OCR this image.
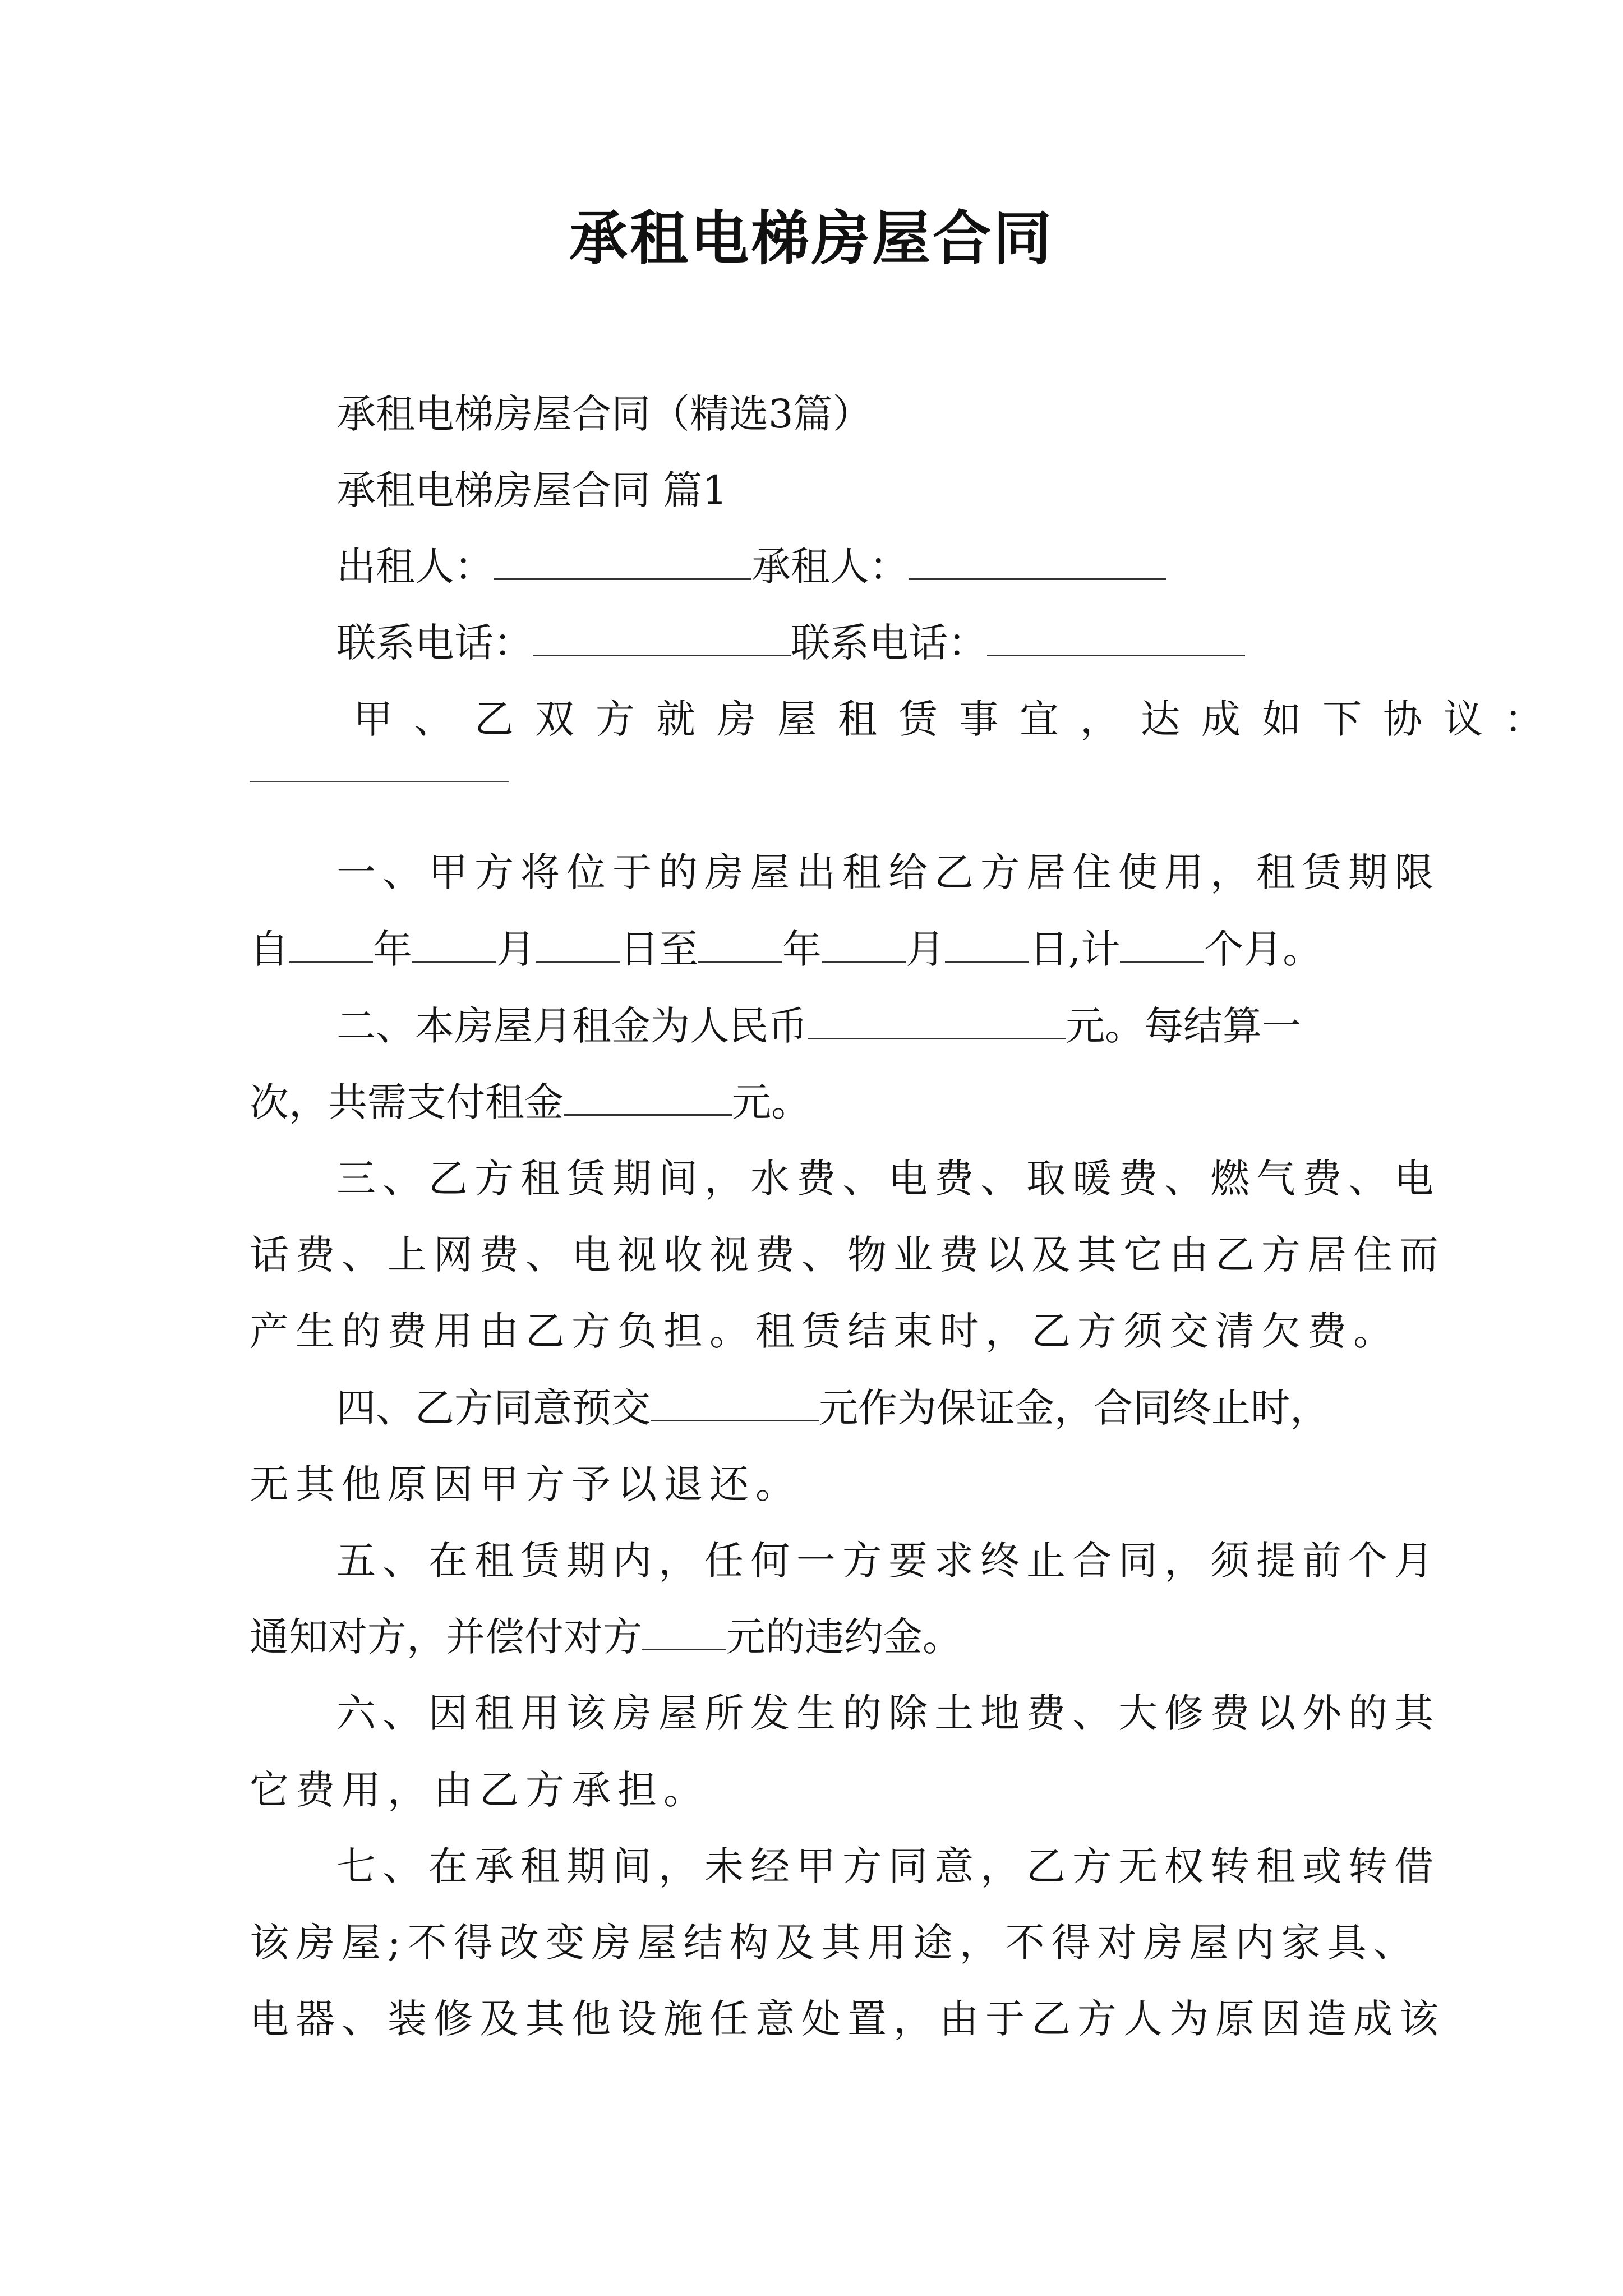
承租电梯房屋合同
承租电梯房屋合同（精选3篇）
承租电梯房屋合同 篇1
出租人：	承租人：
联系电话：	联系电话：
甲、乙双方就房屋租赁事宜，达成如下协议：
一、甲方将位于的房屋出租给乙方居住使用，租赁期限
自 年 月 日至 年 月 日,计 个月。
二、本房屋月租金为人民币	元。每结算一
次，共需支付租金	元。
三、乙方租赁期间，水费、电费、取暖费、燃气费、电
话费、上网费、电视收视费、物业费以及其它由乙方居住而
产生的费用由乙方负担。租赁结束时，乙方须交清欠费。
四、乙方同意预交	元作为保证金，合同终止时，
无其他原因甲方予以退还。
五、在租赁期内，任何一方要求终止合同，须提前个月
通知对方，并偿付对方 元的违约金。
六、因租用该房屋所发生的除土地费、大修费以外的其
它费用，由乙方承担。
七、在承租期间，未经甲方同意，乙方无权转租或转借
该房屋;不得改变房屋结构及其用途，不得对房屋内家具、
电器、装修及其他设施任意处置，由于乙方人为原因造成该
